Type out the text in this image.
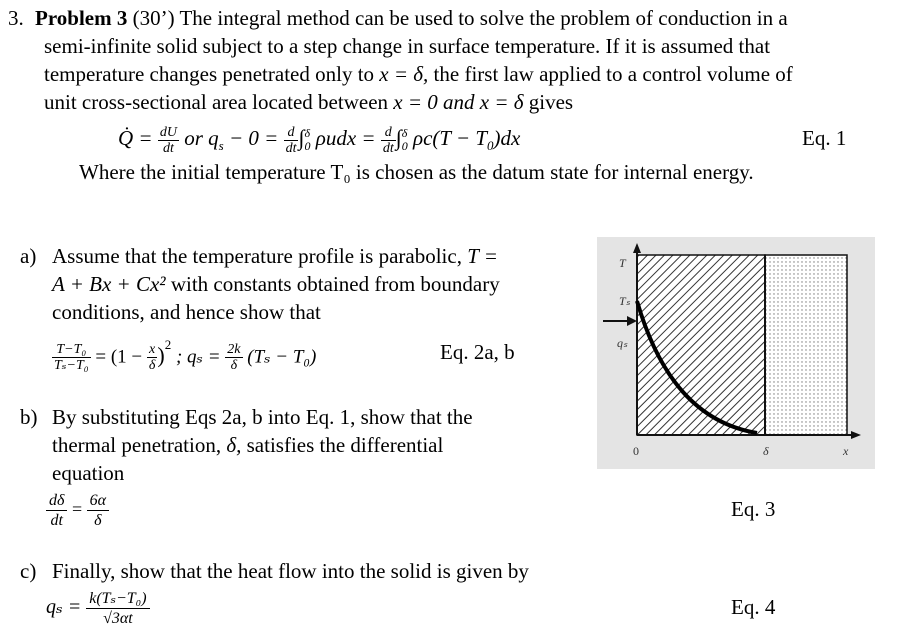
3. Problem 3 (30’) The integral method can be used to solve the problem of conduction in a
semi-infinite solid subject to a step change in surface temperature. If it is assumed that
temperature changes penetrated only to x = δ, the first law applied to a control volume of
unit cross-sectional area located between x = 0 and x = δ gives
Q̇ = $\frac{dU}{dt}$ or $q_s - 0 = \frac{d}{dt}$ ∫ δ
0 $\rho udx = \frac{d}{dt}$ ∫ δ
0 $\rho c(T - T_0)dx$	Eq. 1
Where the initial temperature T₀ is chosen as the datum state for internal energy.
a) Assume that the temperature profile is parabolic, T =
A + Bx + Cx² with constants obtained from boundary
conditions, and hence show that
$\frac{\text{T−T₀}}{\text{Tₛ−T₀}} = (1 - \frac{x}{\delta} )^2$ ; $q_s = \frac{2k}{\delta} (T_s - T_0)$	Eq. 2a, b
b) By substituting Eqs 2a, b into Eq. 1, show that the
thermal penetration, δ, satisfies the differential
equation
$\frac{d\delta}{dt} = \frac{6\alpha}{\delta}$	Eq. 3
c) Finally, show that the heat flow into the solid is given by
$q_s = \frac{\text{k(Tₛ−T₀)}}{√3\alpha t}$	Eq. 4
T
Tₛ
qₛ
0	δ	x
